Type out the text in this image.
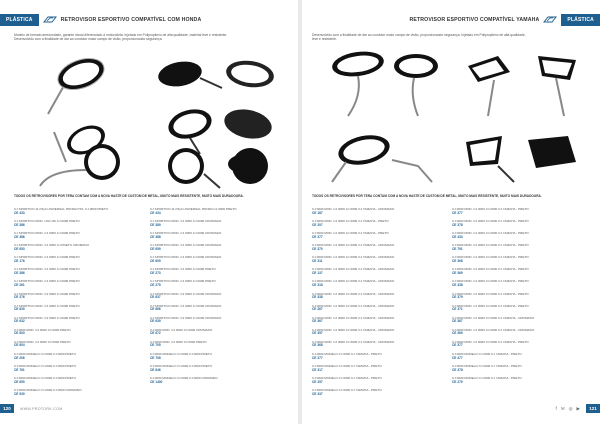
PLÁSTICA	RETROVISOR ESPORTIVO COMPATÍVEL COM HONDA
Modelo de formato arredondado, garante visual diferenciado à motocicleta. Injetado em Polipropileno de alta qualidade, material leve e resistente.
Desenvolvido com a finalidade de dar ao condutor maior campo de visão, proporcionando segurança.
TODOS OS RETROVISORES POR TERA CONTAM COM A NOVA HASTE DE CUSTOM DE METAL, MUITO MAIS RESISTENTE, MUITO MAIS DURADOURA.
CJ SPORTIVO 11 PIÇA UNIVERSAL HONDA PTA. CJ 0000 PRETO
CE 433
CJ SPORTIVO MOD. UNI UNI CJ 0000 PRETO
CE 386
CJ SPORTIVO MOD. CJ 0000 CJ 0000 PRETO
CE 386
CJ SPORTIVO MOD. CJ 0000 CJ PRETO CROMADO
CE 653
CJ SPORTIVO MOD. CJ 0000 CJ 0000 PRETO
CE 176
CJ SPORTIVO MOD. CJ 0000 CJ 0000 PRETO
CE 386
CJ SPORTIVO MOD. CJ 0000 CJ 0000 PRETO
CE 261
CJ SPORTIVO MOD. CJ 0000 CJ 0000 PRETO
CE 276
CJ SPORTIVO MOD. CJ 0000 CJ 0000 PRETO
CE 630
CJ SPORTIVO MOD. CJ 0000 CJ 0000 PRETO
CE 632
CJ 0000 MOD. CJ 0000 CJ 0000 PRETO
CE 603
CJ 0000 MOD. CJ 0000 CJ 0000 PRETO
CE 604
CJ 0000 MODELO CJ 0000 CJ 0000 PRETO
CE 206
CJ 0000 MODELO CJ 0000 CJ 0000 PRETO
CE 761
CJ 0000 MODELO CJ 0000 CJ 0000 PRETO
CE 650
CJ 0000 MODELO CJ 0000 CJ 0000 CROMADO
CE 530
CJ SPORTIVO 11 PIÇA UNIVERSAL HONDA CJ 0000 PRETO
CE 434
CJ SPORTIVO MOD. CJ 0000 CJ 0000 CROMADO
CE 389
CJ SPORTIVO MOD. CJ 0000 CJ 0000 CROMADO
CE 388
CJ SPORTIVO MOD. CJ 0000 CJ 0000 CROMADO
CE 659
CJ SPORTIVO MOD. CJ 0000 CJ 0000 CROMADO
CE 609
CJ SPORTIVO MOD. CJ 0000 CJ 0000 PRETO
CE 273
CJ SPORTIVO MOD. CJ 0000 CJ 0000 PRETO
CE 275
CJ SPORTIVO MOD. CJ 0000 CJ 0000 CROMADO
CE 637
CJ SPORTIVO MOD. CJ 0000 CJ 0000 CROMADO
CE 666
CJ SPORTIVO MOD. CJ 0000 CJ 0000 CROMADO
CE 639
CJ 0000 MOD. CJ 0000 CJ 0000 CROMADO
CE 672
CJ 0000 MOD. CJ 0000 CJ 0000 PRETO
CE 705
CJ 0000 MODELO CJ 0000 CJ 0000 PRETO
CE 708
CJ 0000 MODELO CJ 0000 CJ 0000 PRETO
CE 846
CJ 0000 MODELO CJ 0000 CJ 0000 CROMADO
CE 1400
120	WWW.PROTORK.COM
RETROVISOR ESPORTIVO COMPATÍVEL YAMAHA	PLÁSTICA
Desenvolvido com a finalidade de dar ao condutor maior campo de visão, proporcionando segurança. Injetado em Polipropileno de alta qualidade,
leve e resistente.
TODOS OS RETROVISORES POR TERA CONTAM COM A NOVA HASTE DE CUSTOM DE METAL, MUITO MAIS RESISTENTE, MUITO MAIS DURADOURA.
CJ 0000 MOD. CJ 0000 CJ 0000 CJ YAMAHA - CROMADO
CE 187
CJ 0000 MOD. CJ 0000 CJ 0000 CJ YAMAHA - PRETO
CE 207
CJ 0000 MOD. CJ 0000 CJ 0000 CJ YAMAHA - PRETO
CE 377
CJ 0000 MOD. CJ 0000 CJ 0000 CJ YAMAHA - CROMADO
CE 370
CJ 0000 MOD. CJ 0000 CJ 0000 CJ YAMAHA - CROMADO
CE 311
CJ 0000 MOD. CJ 0000 CJ 0000 CJ YAMAHA - CROMADO
CE 137
CJ 0000 MOD. CJ 0000 CJ 0000 CJ YAMAHA - CROMADO
CE 318
CJ 0000 MOD. CJ 0000 CJ 0000 CJ YAMAHA - CROMADO
CE 338
CJ 0000 MOD. CJ 0000 CJ 0000 CJ YAMAHA - CROMADO
CE 267
CJ 0000 MOD. CJ 0000 CJ 0000 CJ YAMAHA - CROMADO
CE 367
CJ 0000 MOD. CJ 0000 CJ 0000 CJ YAMAHA - CROMADO
CE 357
CJ 0000 MOD. CJ 0000 CJ 0000 CJ YAMAHA - CROMADO
CE 368
CJ 0000 MODELO CJ 0000 CJ YAMAHA - PRETO
CE 377
CJ 0000 MODELO CJ 0000 CJ YAMAHA - PRETO
CE 317
CJ 0000 MODELO CJ 0000 CJ YAMAHA - PRETO
CE 257
CJ 0000 MODELO CJ 0000 CJ YAMAHA - PRETO
CE 337
CJ 0000 MOD. CJ 0000 CJ 0000 CJ YAMAHA - PRETO
CE 377
CJ 0000 MOD. CJ 0000 CJ 0000 CJ YAMAHA - PRETO
CE 378
CJ 0000 MOD. CJ 0000 CJ 0000 CJ YAMAHA - PRETO
CE 433
CJ 0000 MOD. CJ 0000 CJ 0000 CJ YAMAHA - PRETO
CE 791
CJ 0000 MOD. CJ 0000 CJ 0000 CJ YAMAHA - PRETO
CE 368
CJ 0000 MOD. CJ 0000 CJ 0000 CJ YAMAHA - PRETO
CE 369
CJ 0000 MOD. CJ 0000 CJ 0000 CJ YAMAHA - PRETO
CE 338
CJ 0000 MOD. CJ 0000 CJ 0000 CJ YAMAHA - PRETO
CE 379
CJ 0000 MOD. CJ 0000 CJ 0000 CJ YAMAHA - PRETO
CE 371
CJ 0000 MOD. CJ 0000 CJ 0000 CJ YAMAHA - CROMADO
CE 367
CJ 0000 MOD. CJ 0000 CJ 0000 CJ YAMAHA - CROMADO
CE 369
CJ 0000 MOD. CJ 0000 CJ 0000 CJ YAMAHA - PRETO
CE 377
CJ 0000 MODELO CJ 0000 CJ YAMAHA - PRETO
CE 477
CJ 0000 MODELO CJ 0000 CJ YAMAHA - PRETO
CE 378
CJ 0000 MODELO CJ 0000 CJ YAMAHA - PRETO
CE 279
f ✉ ◎ ▶	121
